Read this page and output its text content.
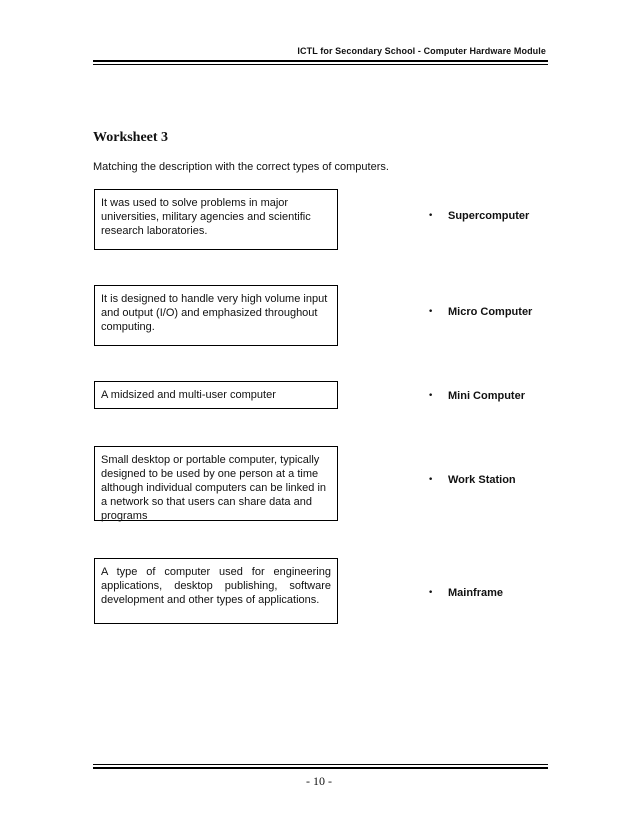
ICTL for Secondary School - Computer Hardware Module
Worksheet 3
Matching the description with the correct types of computers.
It was used to solve problems in major universities, military agencies and scientific research laboratories.
It is designed to handle very high volume input and output (I/O) and emphasized throughout computing.
A midsized and multi-user computer
Small desktop or portable computer, typically designed to be used by one person at a time although individual computers can be linked in a network so that users can share data and programs
A type of computer used for engineering applications, desktop publishing, software development and other types of applications.
• Supercomputer
• Micro Computer
• Mini Computer
• Work Station
• Mainframe
- 10 -
